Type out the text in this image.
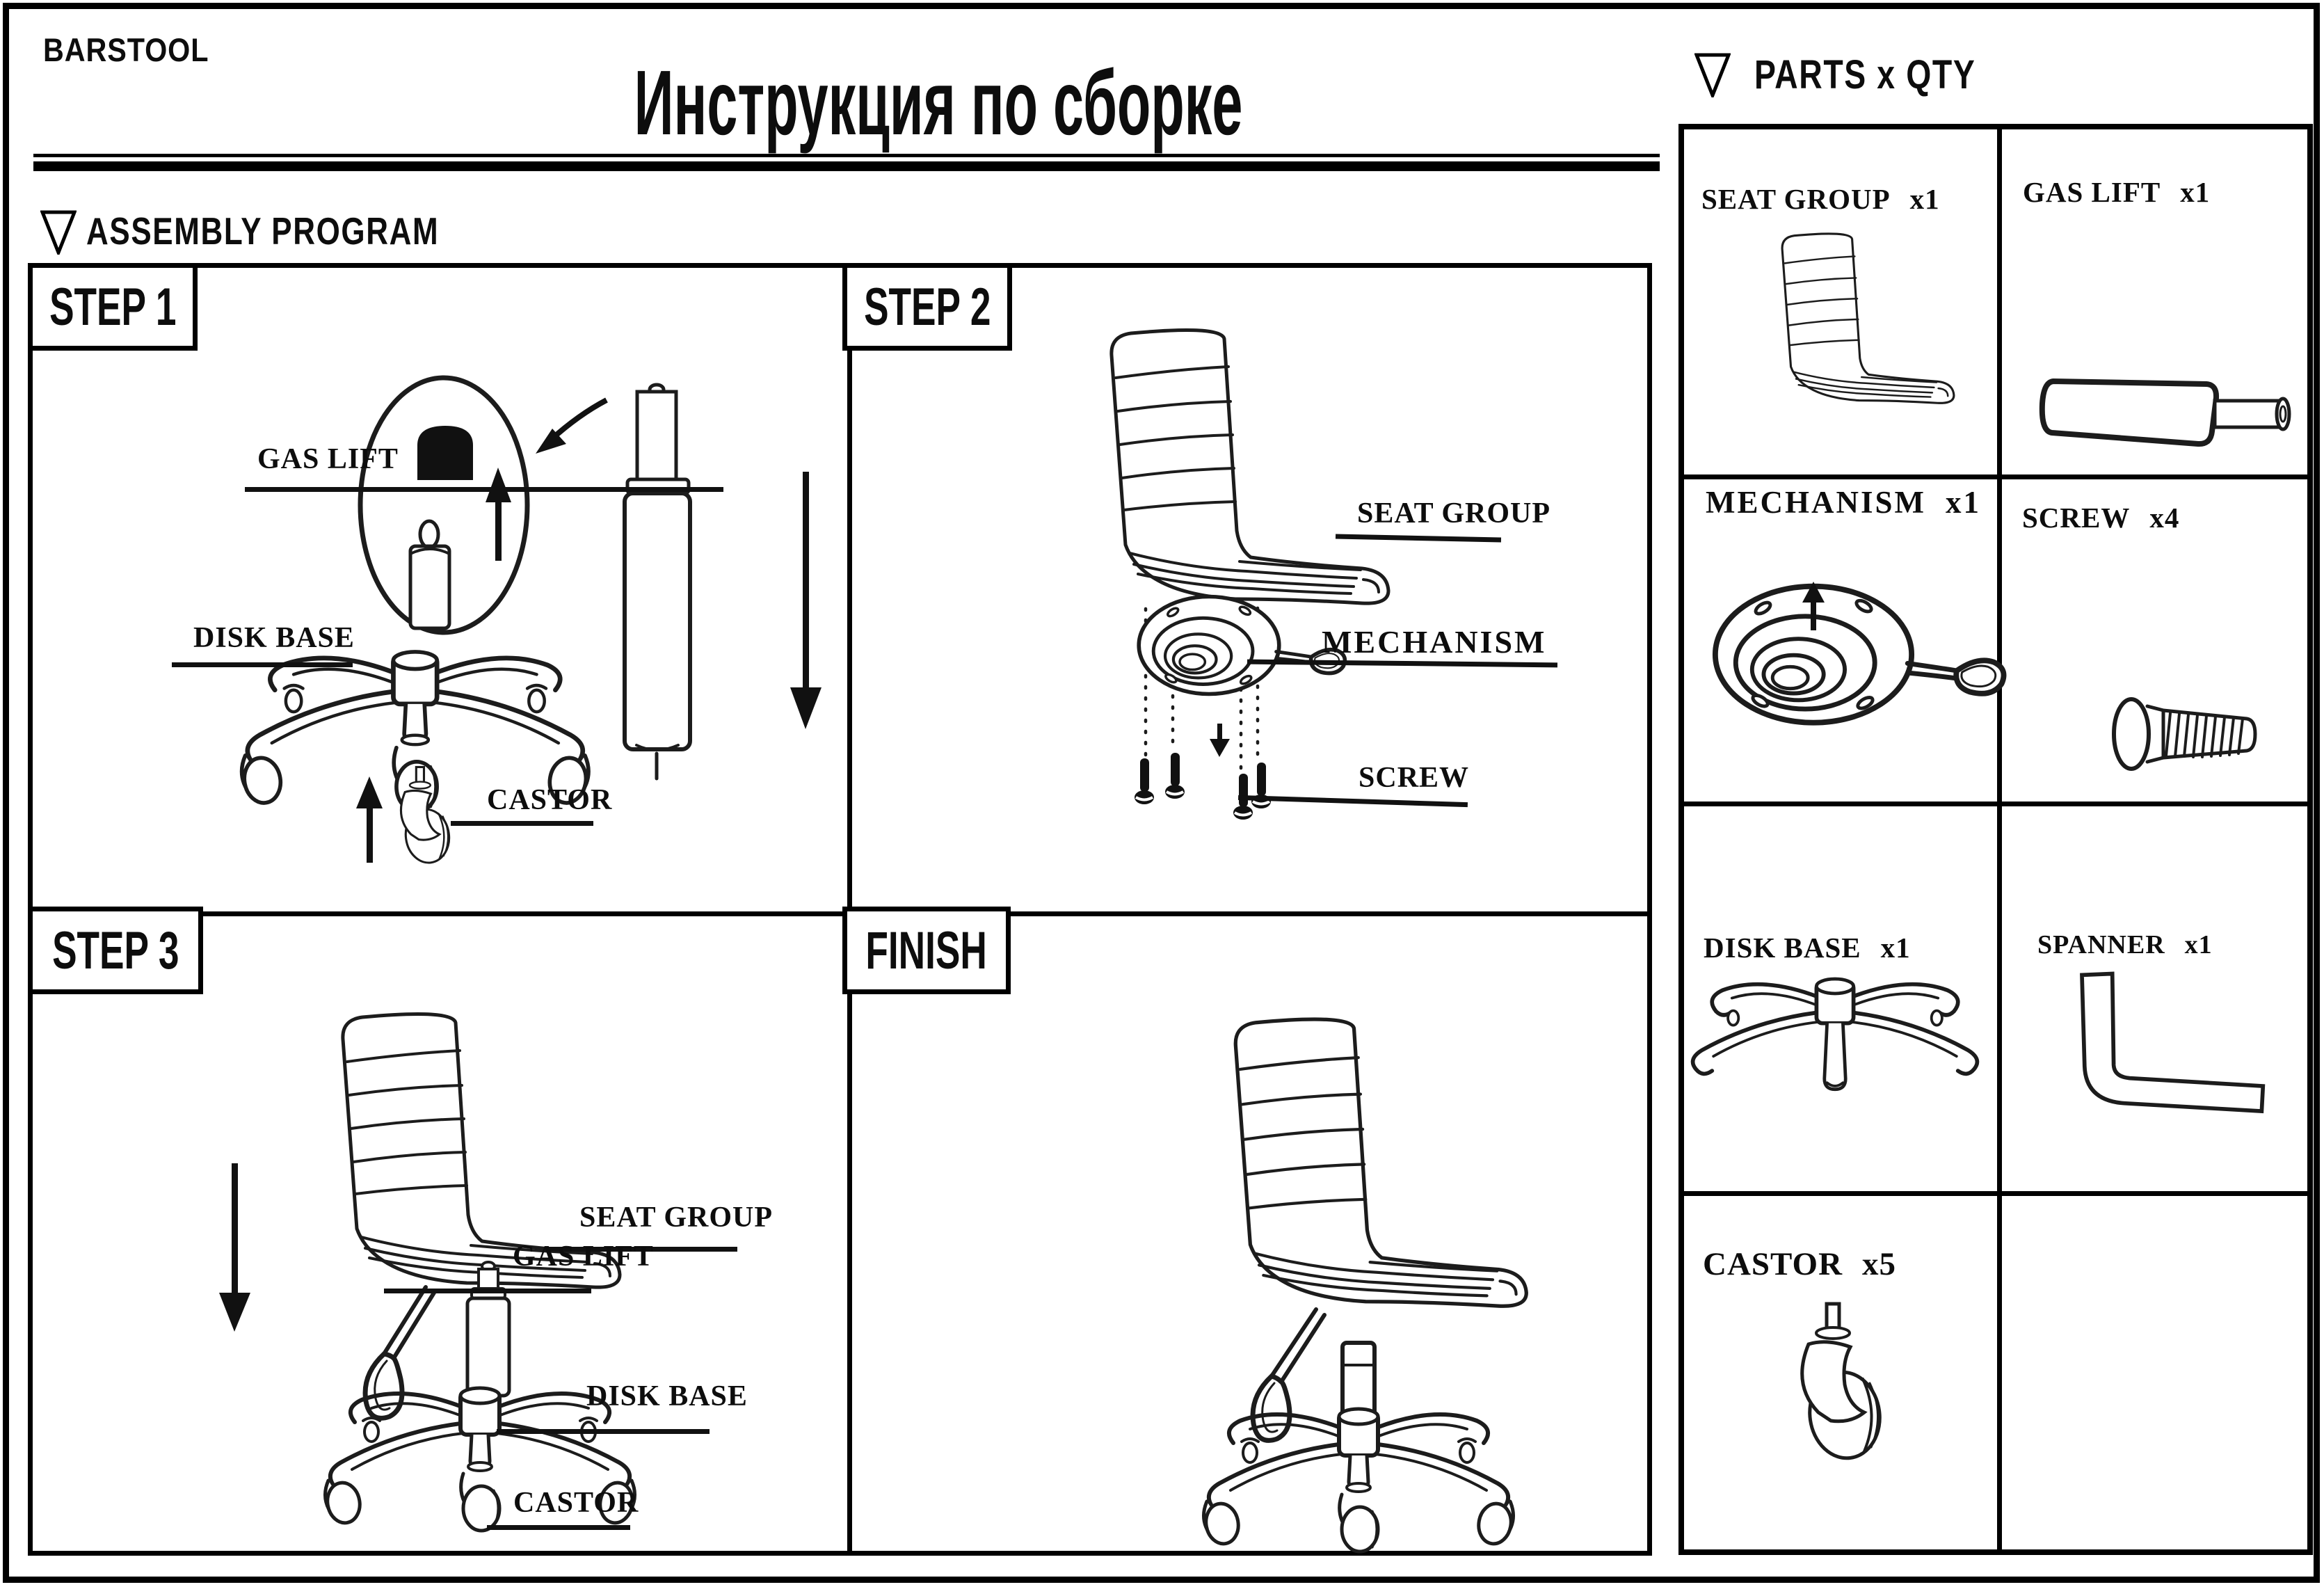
BARSTOOL
Инструкция по сборке
ASSEMBLY PROGRAM
PARTS x QTY
STEP 1	STEP 2
STEP 3	FINISH
GAS LIFT
DISK BASE
CASTOR
SEAT GROUP
MECHANISM
SCREW
SEAT GROUP
GAS LIFT
DISK BASE
CASTOR
SEAT GROUP x1	GAS LIFT x1
MECHANISM x1 SCREW x4
DISK BASE x1	SPANNER x1
CASTOR x5
